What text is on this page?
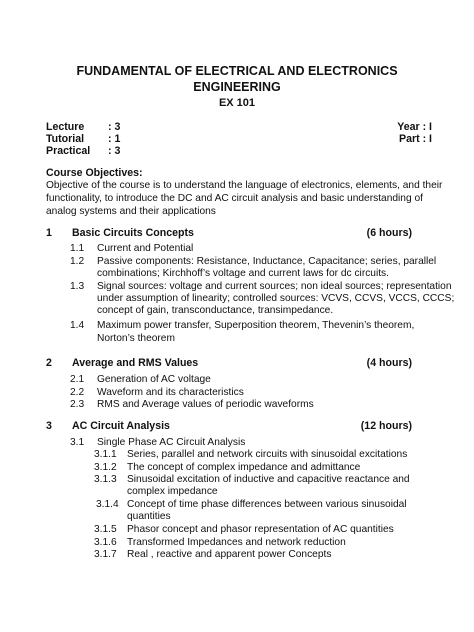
FUNDAMENTAL OF ELECTRICAL AND ELECTRONICS
ENGINEERING
EX 101
Lecture : 3
Tutorial : 1
Practical : 3
Year : I
Part : I
Course Objectives:
Objective of the course is to understand the language of electronics, elements, and their
functionality, to introduce the DC and AC circuit analysis and basic understanding of
analog systems and their applications
1 Basic Circuits Concepts	(6 hours)
1.1 Current and Potential
1.2 Passive components: Resistance, Inductance, Capacitance; series, parallel
combinations; Kirchhoff’s voltage and current laws for dc circuits.
1.3 Signal sources: voltage and current sources; non ideal sources; representation
under assumption of linearity; controlled sources: VCVS, CCVS, VCCS, CCCS;
concept of gain, transconductance, transimpedance.
1.4 Maximum power transfer, Superposition theorem, Thevenin’s theorem,
Norton’s theorem
2 Average and RMS Values	(4 hours)
2.1 Generation of AC voltage
2.2 Waveform and its characteristics
2.3 RMS and Average values of periodic waveforms
3 AC Circuit Analysis	(12 hours)
3.1 Single Phase AC Circuit Analysis
3.1.1 Series, parallel and network circuits with sinusoidal excitations
3.1.2 The concept of complex impedance and admittance
3.1.3 Sinusoidal excitation of inductive and capacitive reactance and
complex impedance
3.1.4 Concept of time phase differences between various sinusoidal
quantities
3.1.5 Phasor concept and phasor representation of AC quantities
3.1.6 Transformed Impedances and network reduction
3.1.7 Real , reactive and apparent power Concepts
